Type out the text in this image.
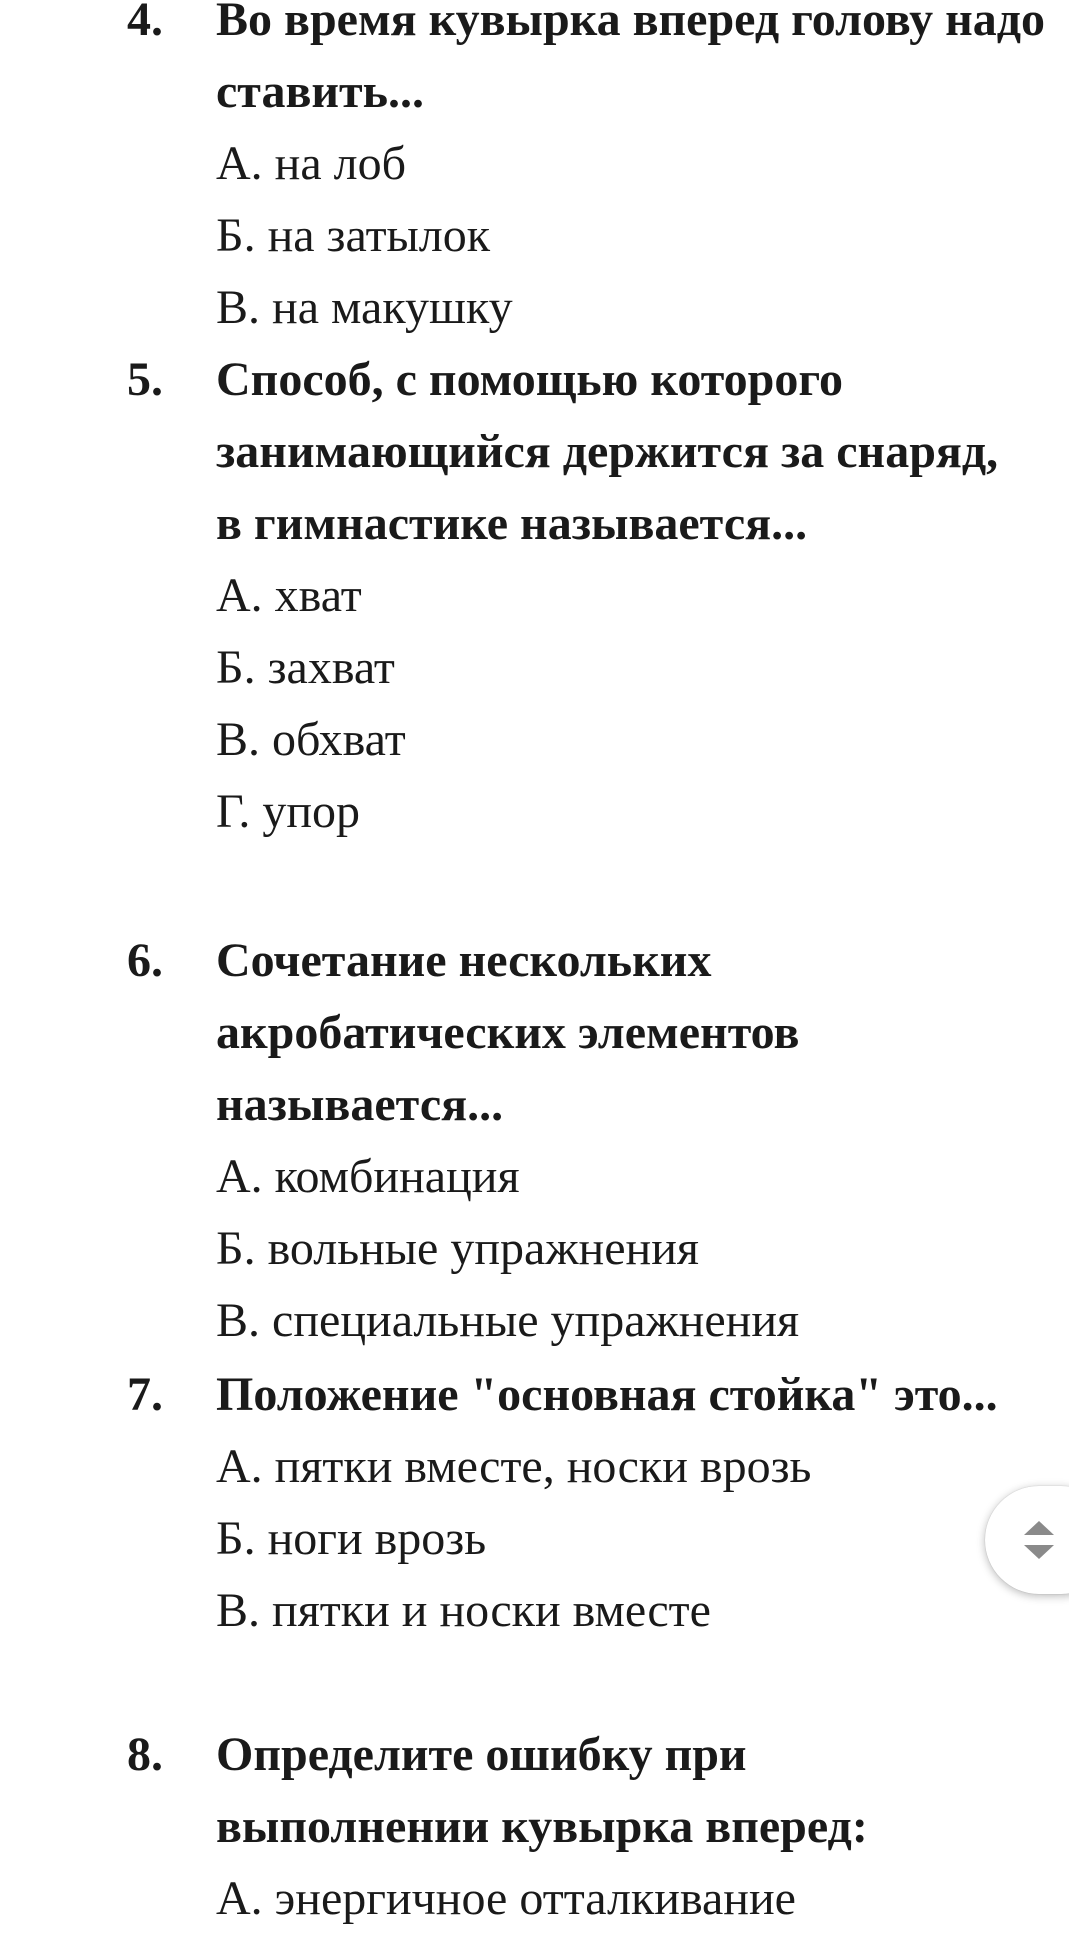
4. Во время кувырка вперед голову надо ставить...
А. на лоб
Б. на затылок
В. на макушку
5. Способ, с помощью которого занимающийся держится за снаряд, в гимнастике называется...
А. хват
Б. захват
В. обхват
Г. упор
6. Сочетание нескольких акробатических элементов называется...
А. комбинация
Б. вольные упражнения
В. специальные упражнения
7. Положение "основная стойка" это...
А. пятки вместе, носки врозь
Б. ноги врозь
В. пятки и носки вместе
8. Определите ошибку при выполнении кувырка вперед:
А. энергичное отталкивание
